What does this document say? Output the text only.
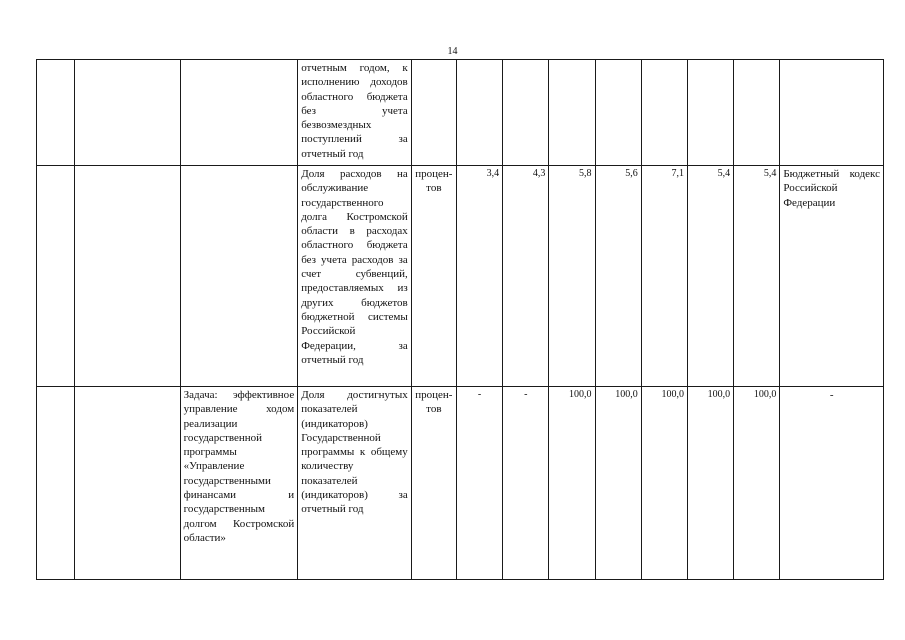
14
			отчетным годом, к исполнению доходов областного бюджета без учета безвозмездных поступлений за отчетный год									
			Доля расходов на обслуживание государственного долга Костромской области в расходах областного бюджета без учета расходов за счет субвенций, предоставляемых из других бюджетов бюджетной системы Российской Федерации, за отчетный год	процентов	3,4	4,3	5,8	5,6	7,1	5,4	5,4	Бюджетный кодекс Российской Федерации
		Задача: эффективное управление ходом реализации государственной программы «Управление государственными финансами и государственным долгом Костромской области»	Доля достигнутых показателей (индикаторов) Государственной программы к общему количеству показателей (индикаторов) за отчетный год	процентов	-	-	100,0	100,0	100,0	100,0	100,0	-
